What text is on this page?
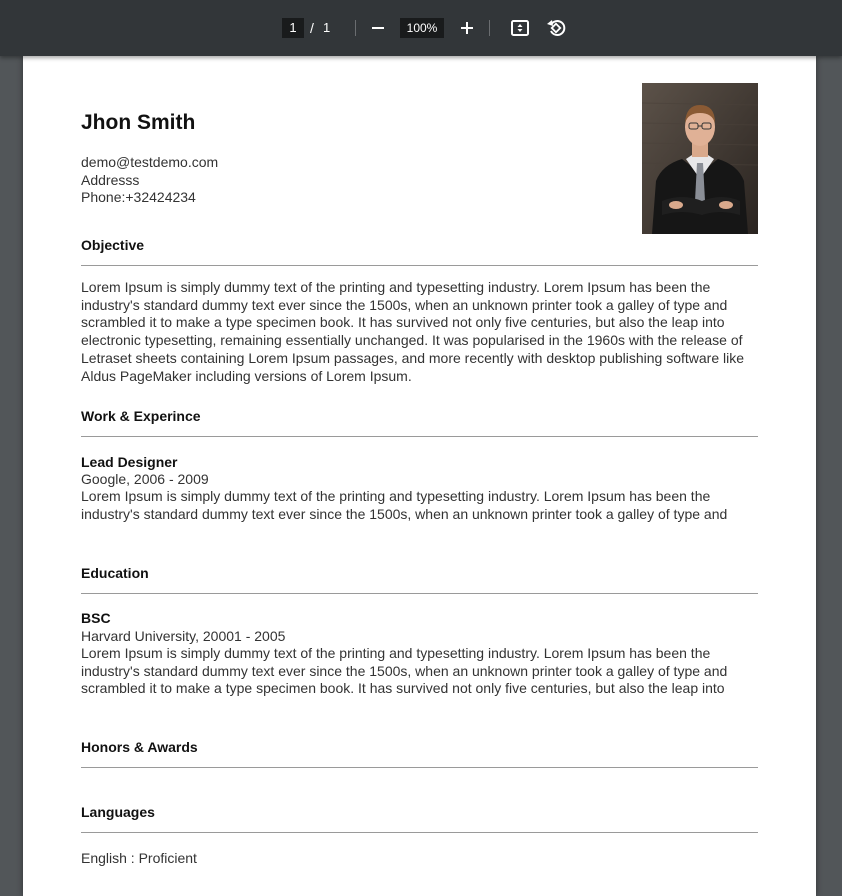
1 / 1	100%
Jhon Smith
demo@testdemo.com
Addresss
Phone:+32424234
Objective

Lorem Ipsum is simply dummy text of the printing and typesetting industry. Lorem Ipsum has been the industry's standard dummy text ever since the 1500s, when an unknown printer took a galley of type and scrambled it to make a type specimen book. It has survived not only five centuries, but also the leap into electronic typesetting, remaining essentially unchanged. It was popularised in the 1960s with the release of Letraset sheets containing Lorem Ipsum passages, and more recently with desktop publishing software like Aldus PageMaker including versions of Lorem Ipsum.

Work & Experince
Lead Designer
Google, 2006 - 2009

Lorem Ipsum is simply dummy text of the printing and typesetting industry. Lorem Ipsum has been the industry's standard dummy text ever since the 1500s, when an unknown printer took a galley of type and

Education
BSC
Harvard University, 20001 - 2005

Lorem Ipsum is simply dummy text of the printing and typesetting industry. Lorem Ipsum has been the industry's standard dummy text ever since the 1500s, when an unknown printer took a galley of type and scrambled it to make a type specimen book. It has survived not only five centuries, but also the leap into

Honors & Awards
Languages
English : Proficient
